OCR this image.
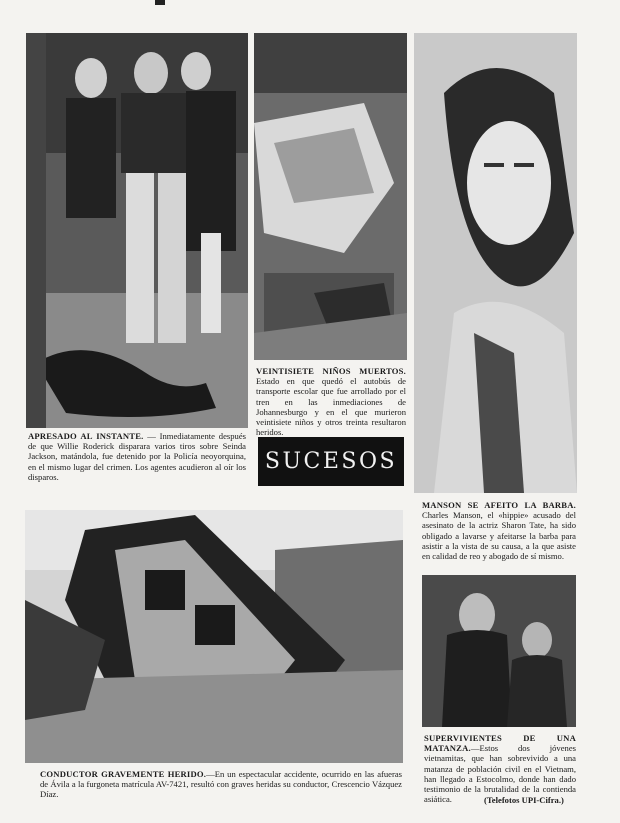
APRESADO AL INSTANTE. — Inmediatamente después de que Willie Roderick disparara varios tiros sobre Seinda Jackson, matándola, fue detenido por la Policía neoyorquina, en el mismo lugar del crimen. Los agentes acudieron al oír los disparos.
VEINTISIETE NIÑOS MUERTOS. Estado en que quedó el autobús de transporte escolar que fue arrollado por el tren en las inmediaciones de Johannesburgo y en el que murieron veintisiete niños y otros treinta resultaron heridos.
SUCESOS
MANSON SE AFEITO LA BARBA. Charles Manson, el «hippie» acusado del asesinato de la actriz Sharon Tate, ha sido obligado a lavarse y afeitarse la barba para asistir a la vista de su causa, a la que asiste en calidad de reo y abogado de sí mismo.
CONDUCTOR GRAVEMENTE HERIDO.—En un espectacular accidente, ocurrido en las afueras de Ávila a la furgoneta matrícula AV-7421, resultó con graves heridas su conductor, Crescencio Vázquez Díaz.
SUPERVIVIENTES DE UNA MATANZA.—Estos dos jóvenes vietnamitas, que han sobrevivido a una matanza de población civil en el Vietnam, han llegado a Estocolmo, donde han dado testimonio de la brutalidad de la contienda asiática.	(Telefotos UPI-Cifra.)
